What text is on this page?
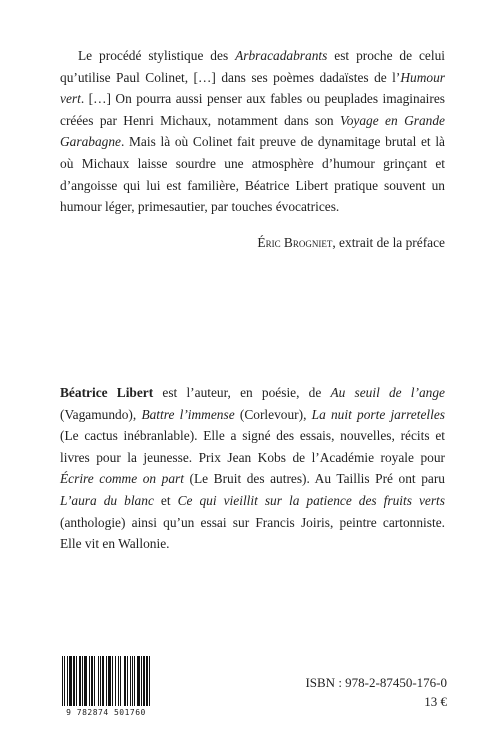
Le procédé stylistique des Arbracadabrants est proche de celui qu’utilise Paul Colinet, […] dans ses poèmes dadaïstes de l’Humour vert. […] On pourra aussi penser aux fables ou peuplades imaginaires créées par Henri Michaux, notamment dans son Voyage en Grande Garabagne. Mais là où Colinet fait preuve de dynamitage brutal et là où Michaux laisse sourdre une atmosphère d’humour grinçant et d’angoisse qui lui est familière, Béatrice Libert pratique souvent un humour léger, primesautier, par touches évocatrices.

Éric Brogniet, extrait de la préface

Béatrice Libert est l’auteur, en poésie, de Au seuil de l’ange (Vagamundo), Battre l’immense (Corlevour), La nuit porte jarretelles (Le cactus inébranlable). Elle a signé des essais, nouvelles, récits et livres pour la jeunesse. Prix Jean Kobs de l’Académie royale pour Écrire comme on part (Le Bruit des autres). Au Taillis Pré ont paru L’aura du blanc et Ce qui vieillit sur la patience des fruits verts (anthologie) ainsi qu’un essai sur Francis Joiris, peintre cartonniste. Elle vit en Wallonie.

9 782874 501760

ISBN : 978-2-87450-176-0

13 €
